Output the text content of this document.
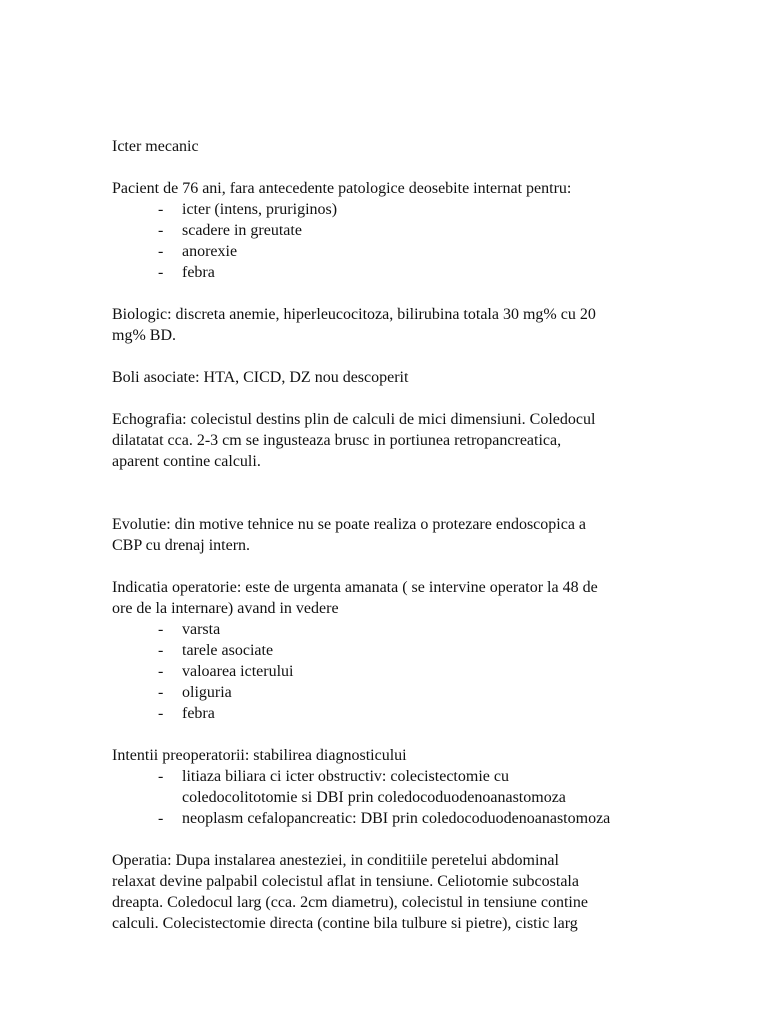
Icter mecanic
Pacient de 76 ani, fara antecedente patologice deosebite internat pentru:
-	icter (intens, pruriginos)
-	scadere in greutate
-	anorexie
-	febra
Biologic: discreta anemie, hiperleucocitoza, bilirubina totala 30 mg% cu 20
mg% BD.
Boli asociate: HTA, CICD, DZ nou descoperit
Echografia: colecistul destins plin de calculi de mici dimensiuni. Coledocul
dilatatat cca. 2-3 cm se ingusteaza brusc in portiunea retropancreatica,
aparent contine calculi.
Evolutie: din motive tehnice nu se poate realiza o protezare endoscopica a
CBP cu drenaj intern.
Indicatia operatorie: este de urgenta amanata ( se intervine operator la 48 de
ore de la internare) avand in vedere
-	varsta
-	tarele asociate
-	valoarea icterului
-	oliguria
-	febra
Intentii preoperatorii: stabilirea diagnosticului
-	litiaza biliara ci icter obstructiv: colecistectomie cu
coledocolitotomie si DBI prin coledocoduodenoanastomoza
-	neoplasm cefalopancreatic: DBI prin coledocoduodenoanastomoza
Operatia: Dupa instalarea anesteziei, in conditiile peretelui abdominal
relaxat devine palpabil colecistul aflat in tensiune. Celiotomie subcostala
dreapta. Coledocul larg (cca. 2cm diametru), colecistul in tensiune contine
calculi. Colecistectomie directa (contine bila tulbure si pietre), cistic larg
